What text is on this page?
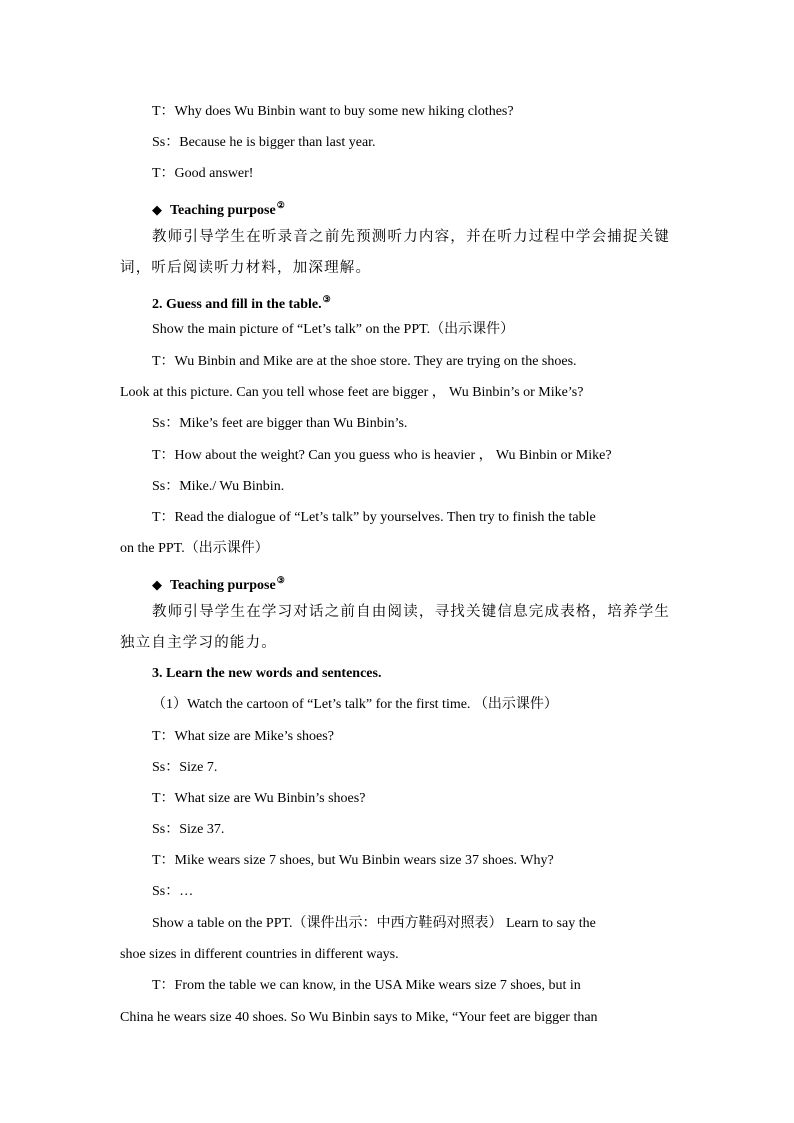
T：Why does Wu Binbin want to buy some new hiking clothes?
Ss：Because he is bigger than last year.
T：Good answer!
◆ Teaching purpose②
教师引导学生在听录音之前先预测听力内容，并在听力过程中学会捕捉关键
词，听后阅读听力材料，加深理解。
2. Guess and fill in the table.③
Show the main picture of “Let’s talk” on the PPT.（出示课件）
T：Wu Binbin and Mike are at the shoe store. They are trying on the shoes.
Look at this picture. Can you tell whose feet are bigger ， Wu Binbin’s or Mike’s?
Ss：Mike’s feet are bigger than Wu Binbin’s.
T：How about the weight? Can you guess who is heavier ， Wu Binbin or Mike?
Ss：Mike./ Wu Binbin.
T：Read the dialogue of “Let’s talk” by yourselves. Then try to finish the table
on the PPT.（出示课件）
◆ Teaching purpose③
教师引导学生在学习对话之前自由阅读，寻找关键信息完成表格，培养学生
独立自主学习的能力。
3. Learn the new words and sentences.
（1）Watch the cartoon of “Let’s talk” for the first time. （出示课件）
T：What size are Mike’s shoes?
Ss：Size 7.
T：What size are Wu Binbin’s shoes?
Ss：Size 37.
T：Mike wears size 7 shoes, but Wu Binbin wears size 37 shoes. Why?
Ss：…
Show a table on the PPT.（课件出示：中西方鞋码对照表） Learn to say the
shoe sizes in different countries in different ways.
T：From the table we can know, in the USA Mike wears size 7 shoes, but in
China he wears size 40 shoes. So Wu Binbin says to Mike, “Your feet are bigger than
